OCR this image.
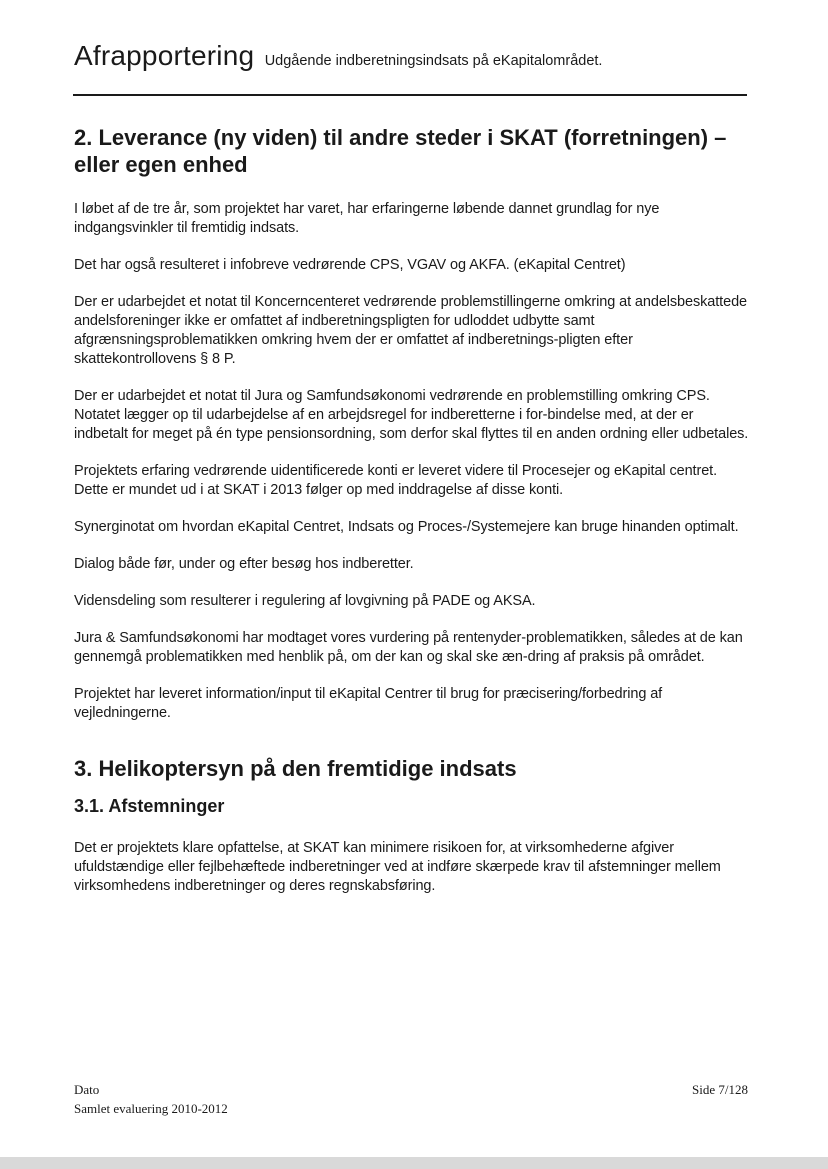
Afrapportering Udgående indberetningsindsats på eKapitalområdet.
2. Leverance (ny viden) til andre steder i SKAT (forretningen) – eller egen enhed

I løbet af de tre år, som projektet har varet, har erfaringerne løbende dannet grundlag for nye indgangsvinkler til fremtidig indsats.

Det har også resulteret i infobreve vedrørende CPS, VGAV og AKFA. (eKapital Centret)

Der er udarbejdet et notat til Koncerncenteret vedrørende problemstillingerne omkring at andelsbeskattede andelsforeninger ikke er omfattet af indberetningspligten for udloddet udbytte samt afgrænsningsproblematikken omkring hvem der er omfattet af indberetnings-pligten efter skattekontrollovens § 8 P.

Der er udarbejdet et notat til Jura og Samfundsøkonomi vedrørende en problemstilling omkring CPS. Notatet lægger op til udarbejdelse af en arbejdsregel for indberetterne i for-bindelse med, at der er indbetalt for meget på én type pensionsordning, som derfor skal flyttes til en anden ordning eller udbetales.

Projektets erfaring vedrørende uidentificerede konti er leveret videre til Procesejer og eKapital centret. Dette er mundet ud i at SKAT i 2013 følger op med inddragelse af disse konti.

Synerginotat om hvordan eKapital Centret, Indsats og Proces-/Systemejere kan bruge hinanden optimalt.

Dialog både før, under og efter besøg hos indberetter.

Vidensdeling som resulterer i regulering af lovgivning på PADE og AKSA.

Jura & Samfundsøkonomi har modtaget vores vurdering på rentenyder-problematikken, således at de kan gennemgå problematikken med henblik på, om der kan og skal ske æn-dring af praksis på området.

Projektet har leveret information/input til eKapital Centrer til brug for præcisering/forbedring af vejledningerne.

3. Helikoptersyn på den fremtidige indsats
3.1. Afstemninger

Det er projektets klare opfattelse, at SKAT kan minimere risikoen for, at virksomhederne afgiver ufuldstændige eller fejlbehæftede indberetninger ved at indføre skærpede krav til afstemninger mellem virksomhedens indberetninger og deres regnskabsføring.

Dato
Samlet evaluering 2010-2012
Side 7/128
